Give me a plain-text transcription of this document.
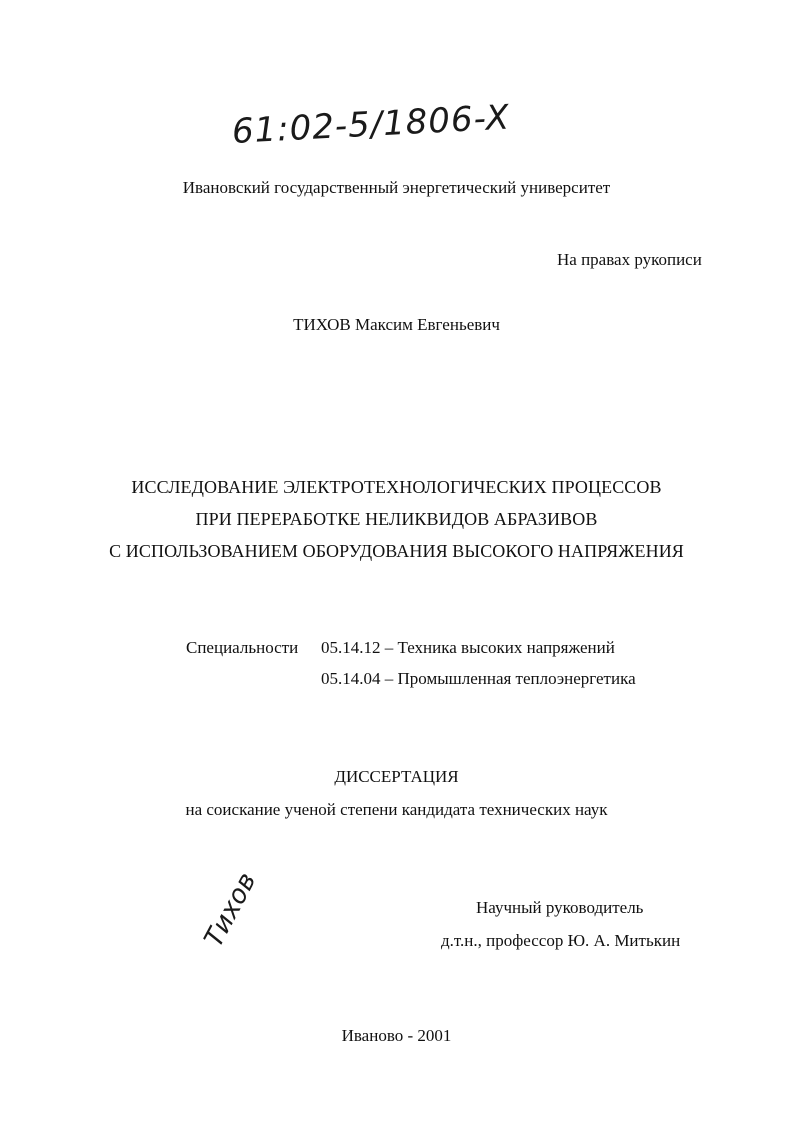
61:02-5/1806-X
Ивановский государственный энергетический университет
На правах рукописи
ТИХОВ Максим Евгеньевич
ИССЛЕДОВАНИЕ ЭЛЕКТРОТЕХНОЛОГИЧЕСКИХ ПРОЦЕССОВ
ПРИ ПЕРЕРАБОТКЕ НЕЛИКВИДОВ АБРАЗИВОВ
С ИСПОЛЬЗОВАНИЕМ ОБОРУДОВАНИЯ ВЫСОКОГО НАПРЯЖЕНИЯ
Специальности 05.14.12 – Техника высоких напряжений
05.14.04 – Промышленная теплоэнергетика
ДИССЕРТАЦИЯ
на соискание ученой степени кандидата технических наук
Научный руководитель
д.т.н., профессор Ю. А. Митькин
Тихов
Иваново - 2001
